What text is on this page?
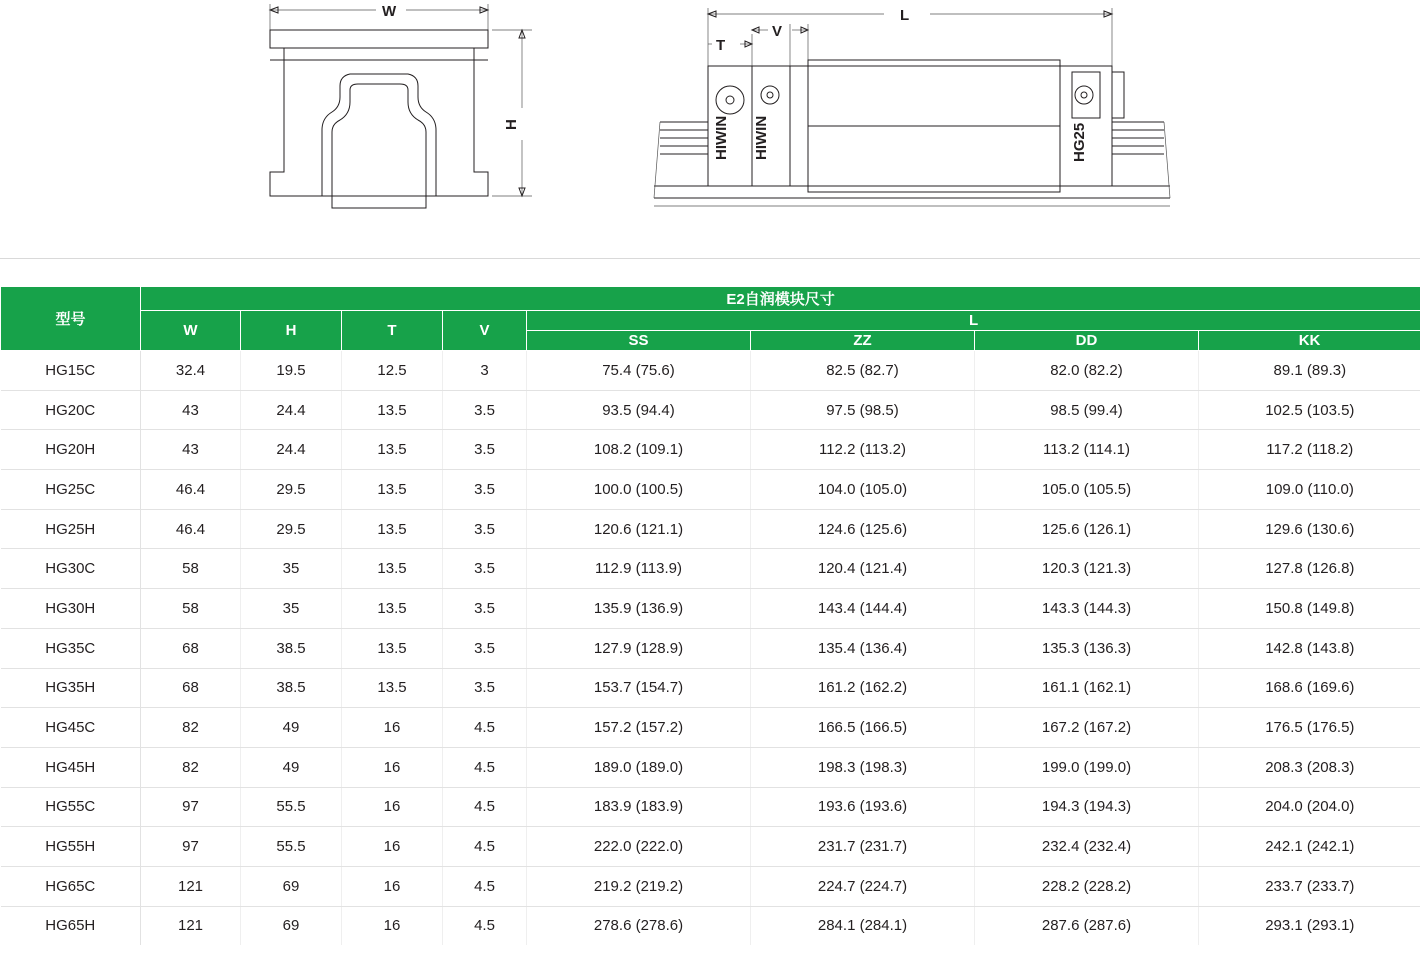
W
H
L
T
V
HIWIN HIWIN	HG25
型号	E2自润模块尺寸							
	W	H	T	V	L			
					SS	ZZ	DD	KK
HG15C	32.4	19.5	12.5	3	75.4 (75.6)	82.5 (82.7)	82.0 (82.2)	89.1 (89.3)
HG20C	43	24.4	13.5	3.5	93.5 (94.4)	97.5 (98.5)	98.5 (99.4)	102.5 (103.5)
HG20H	43	24.4	13.5	3.5	108.2 (109.1)	112.2 (113.2)	113.2 (114.1)	117.2 (118.2)
HG25C	46.4	29.5	13.5	3.5	100.0 (100.5)	104.0 (105.0)	105.0 (105.5)	109.0 (110.0)
HG25H	46.4	29.5	13.5	3.5	120.6 (121.1)	124.6 (125.6)	125.6 (126.1)	129.6 (130.6)
HG30C	58	35	13.5	3.5	112.9 (113.9)	120.4 (121.4)	120.3 (121.3)	127.8 (126.8)
HG30H	58	35	13.5	3.5	135.9 (136.9)	143.4 (144.4)	143.3 (144.3)	150.8 (149.8)
HG35C	68	38.5	13.5	3.5	127.9 (128.9)	135.4 (136.4)	135.3 (136.3)	142.8 (143.8)
HG35H	68	38.5	13.5	3.5	153.7 (154.7)	161.2 (162.2)	161.1 (162.1)	168.6 (169.6)
HG45C	82	49	16	4.5	157.2 (157.2)	166.5 (166.5)	167.2 (167.2)	176.5 (176.5)
HG45H	82	49	16	4.5	189.0 (189.0)	198.3 (198.3)	199.0 (199.0)	208.3 (208.3)
HG55C	97	55.5	16	4.5	183.9 (183.9)	193.6 (193.6)	194.3 (194.3)	204.0 (204.0)
HG55H	97	55.5	16	4.5	222.0 (222.0)	231.7 (231.7)	232.4 (232.4)	242.1 (242.1)
HG65C	121	69	16	4.5	219.2 (219.2)	224.7 (224.7)	228.2 (228.2)	233.7 (233.7)
HG65H	121	69	16	4.5	278.6 (278.6)	284.1 (284.1)	287.6 (287.6)	293.1 (293.1)
